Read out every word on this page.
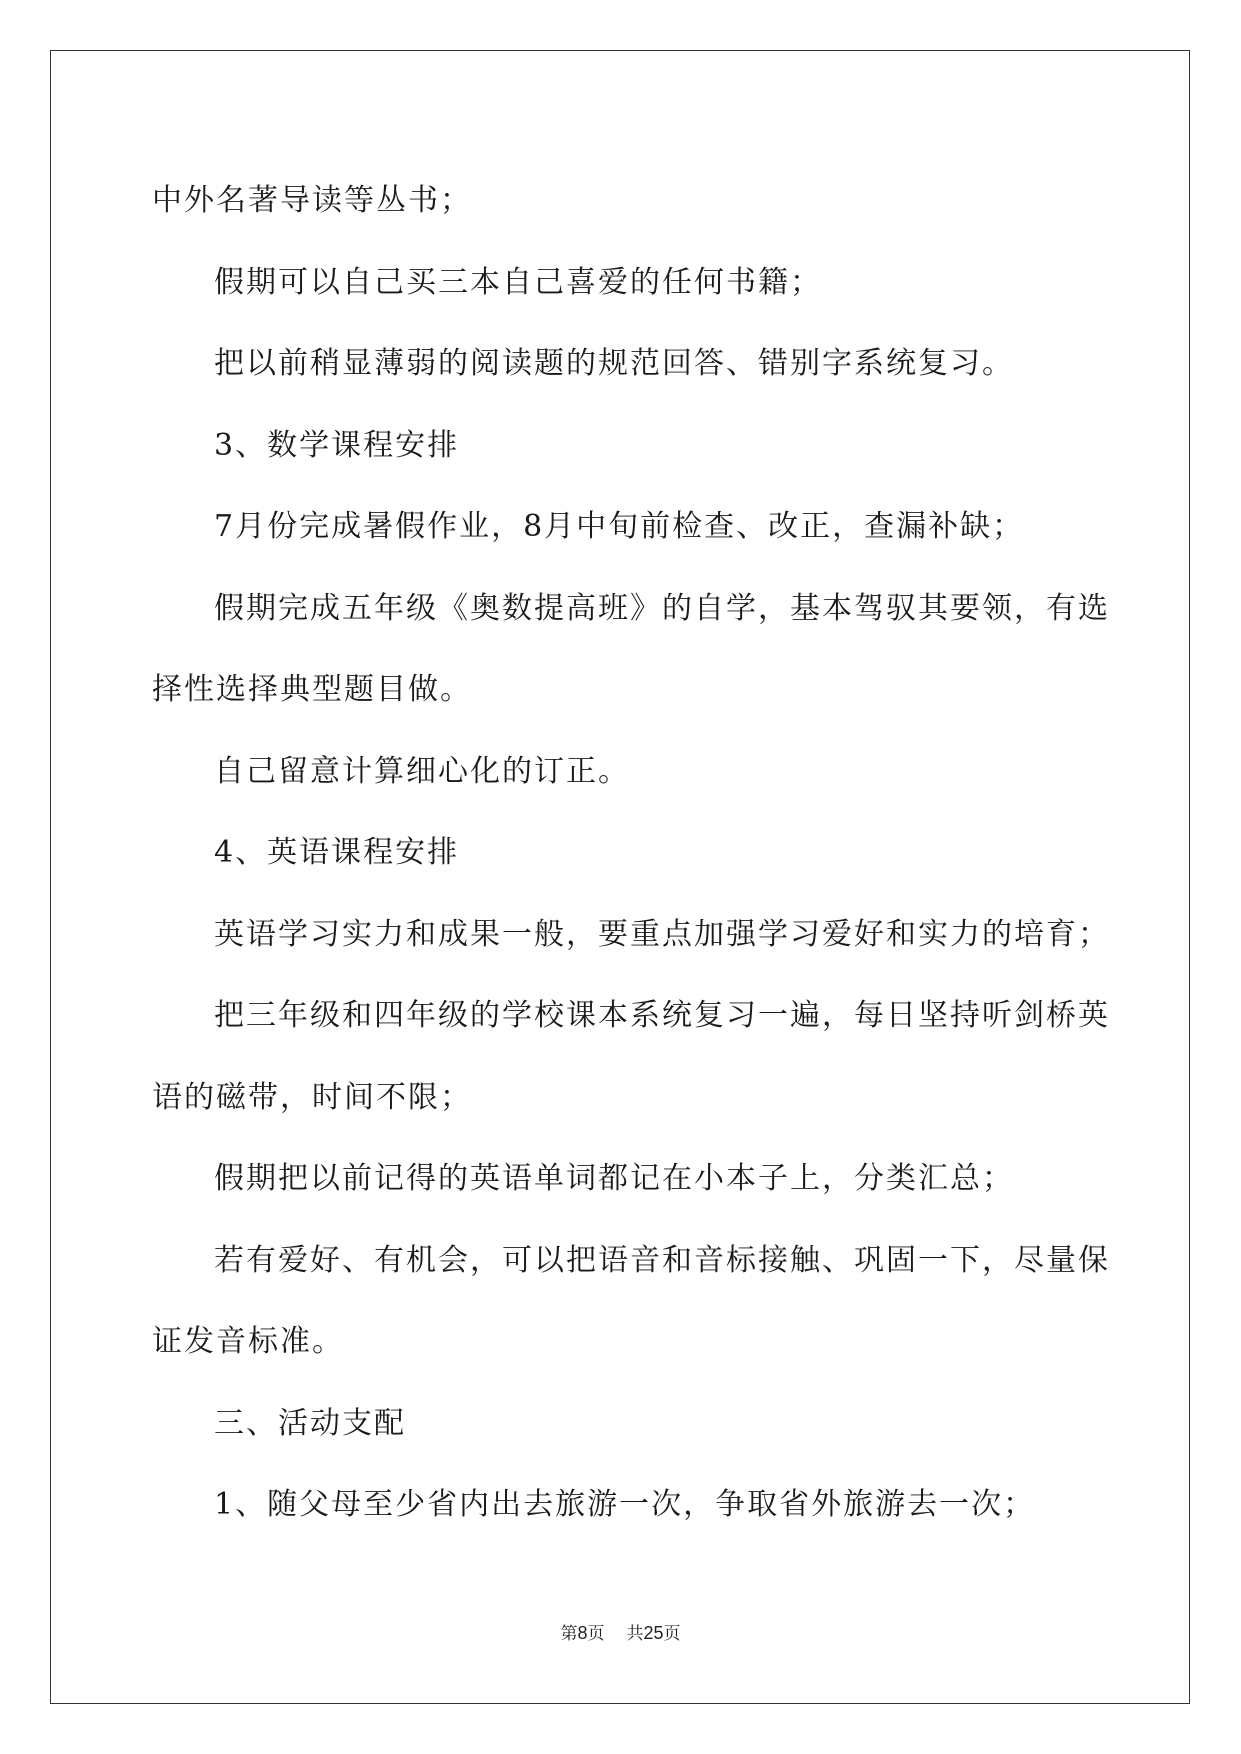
中外名著导读等丛书；

假期可以自己买三本自己喜爱的任何书籍；

把以前稍显薄弱的阅读题的规范回答、错别字系统复习。

3、数学课程安排

7月份完成暑假作业，8月中旬前检查、改正，查漏补缺；

假期完成五年级《奥数提高班》的自学，基本驾驭其要领，有选

择性选择典型题目做。

自己留意计算细心化的订正。

4、英语课程安排

英语学习实力和成果一般，要重点加强学习爱好和实力的培育；

把三年级和四年级的学校课本系统复习一遍，每日坚持听剑桥英

语的磁带，时间不限；

假期把以前记得的英语单词都记在小本子上，分类汇总；

若有爱好、有机会，可以把语音和音标接触、巩固一下，尽量保

证发音标准。

三、活动支配

1、随父母至少省内出去旅游一次，争取省外旅游去一次；

第8页 共25页
